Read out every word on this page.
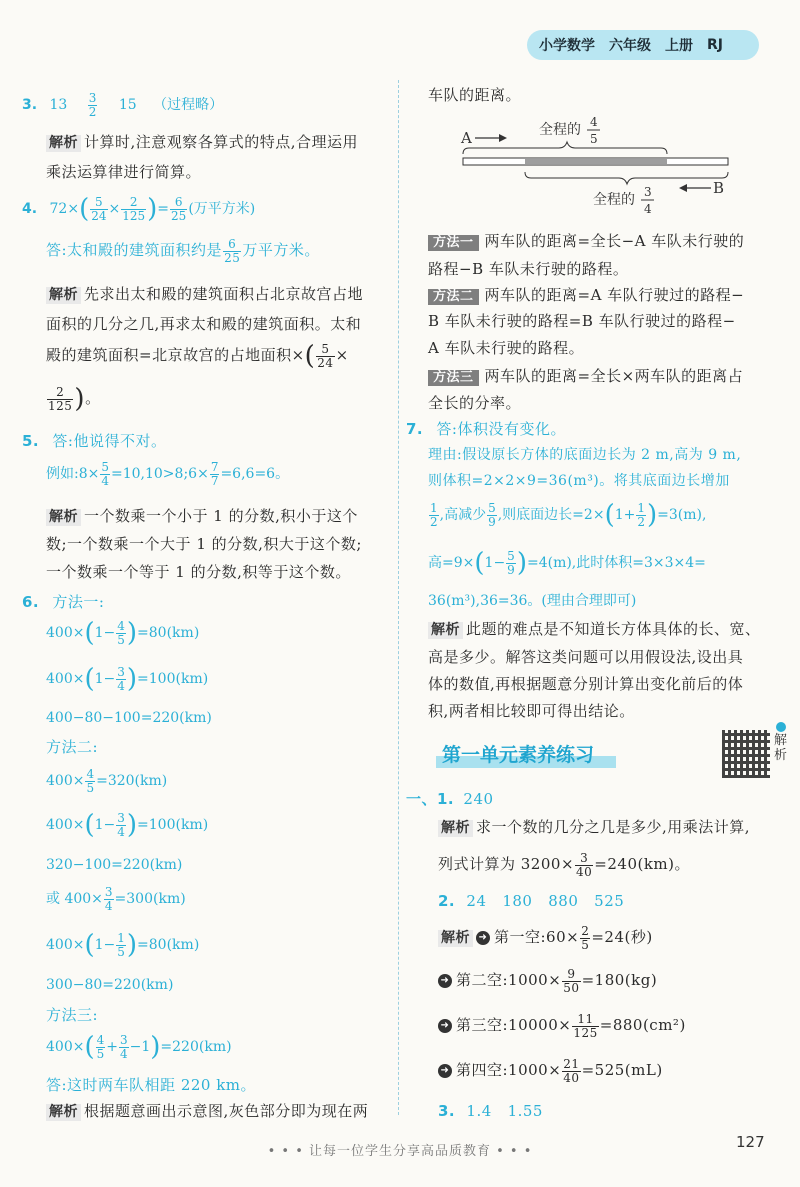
小学数学 六年级 上册 RJ
3. $13 \frac{3}{2} 15$ （过程略）
解析 计算时,注意观察各算式的特点,合理运用
乘法运算律进行简算。
4. $72\times( \frac{5}{24} \times \frac{2}{125}$ )= $\frac{6}{25}$ (万平方米)
答:太和殿的建筑面积约是 $\frac{6}{25}$ 万平方米。
解析 先求出太和殿的建筑面积占北京故宫占地
面积的几分之几,再求太和殿的建筑面积。太和
殿的建筑面积=北京故宫的占地面积×( $\frac{5}{24}$ ×
$\frac{2}{125}$ )。
5. 答:他说得不对。
例如:8× $\frac{5}{4}$ =10,10>8;6× $\frac{7}{7} =6,6=6$。
解析 一个数乘一个小于 1 的分数,积小于这个
数;一个数乘一个大于 1 的分数,积大于这个数;
一个数乘一个等于 1 的分数,积等于这个数。
6. 方法一:
$400\times(1- \frac{4}{5} )=80(km)$
$400\times(1- \frac{3}{4} )=100(km)$
400−80−100=220(km)
方法二:
$400\times \frac{4}{5} =320(km)$
$400\times(1- \frac{3}{4} )=100(km)$
320−100=220(km)
或 $400\times \frac{3}{4} =300(km)$
$400\times(1- \frac{1}{5} )=80(km)$
300−80=220(km)
方法三:
$400\times( \frac{4}{5} + \frac{3}{4} -1)=220(km)$
答:这时两车队相距 220 km。
解析 根据题意画出示意图,灰色部分即为现在两
车队的距离。
A	全程的 4
5
B
全程的 3
4
方法一 两车队的距离=全长−A 车队未行驶的
路程−B 车队未行驶的路程。
方法二 两车队的距离=A 车队行驶过的路程−
B 车队未行驶的路程=B 车队行驶过的路程−
A 车队未行驶的路程。
方法三 两车队的距离=全长×两车队的距离占
全长的分率。
7. 答:体积没有变化。
理由:假设原长方体的底面边长为 2 m,高为 9 m,
则体积=2×2×9=36(m³)。将其底面边长增加
$\frac{1}{2}$ ,高减少 $\frac{5}{9}$ ,则底面边长$=2\times(1+ \frac{1}{2} )=3(m)$,
高$=9\times(1- \frac{5}{9} )=4(m)$,此时体积=3×3×4=
36(m³),36=36。(理由合理即可)
解析 此题的难点是不知道长方体具体的长、宽、
高是多少。解答这类问题可以用假设法,设出具
体的数值,再根据题意分别计算出变化前后的体
积,两者相比较即可得出结论。
第一单元素养练习
解析
一、1. 240
解析 求一个数的几分之几是多少,用乘法计算,
列式计算为 $3200\times \frac{3}{40} =240(km)$。
2. 24   180   880   525
解析 ➜ 第一空:60× $\frac{2}{5} =24$(秒)
➜ 第二空:1000× $\frac{9}{50} =180(kg)$
➜ 第三空:10000× $\frac{11}{125} =880(cm^2)$
➜ 第四空:1000× $\frac{21}{40} =525(mL)$
3. 1.4   1.55
• • • 让每一位学生分享高品质教育 • • •
127
